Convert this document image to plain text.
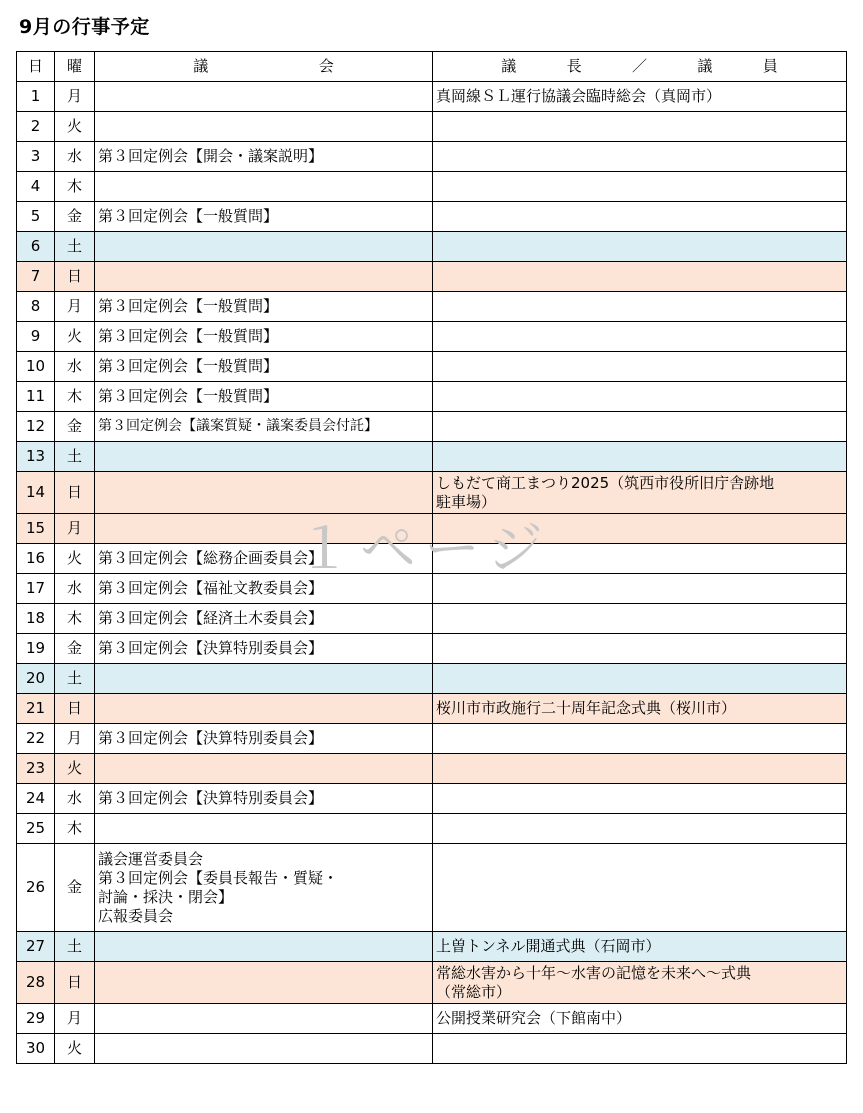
9月の行事予定
日	曜	議 会	議 長 ／ 議 員

1	月		真岡線ＳＬ運行協議会臨時総会（真岡市）

2	火		
3	水	第３回定例会【開会・議案説明】	

4	木		
5	金	第３回定例会【一般質問】	

6	土		
7	日		
8	月	第３回定例会【一般質問】	

9	火	第３回定例会【一般質問】	

10	水	第３回定例会【一般質問】	

11	木	第３回定例会【一般質問】	

12	金	第３回定例会【議案質疑・議案委員会付託】	

13	土		
14	日		しもだて商工まつり2025（筑西市役所旧庁舎跡地
駐車場）

15	月		
16	火	第３回定例会【総務企画委員会】	

17	水	第３回定例会【福祉文教委員会】	

18	木	第３回定例会【経済土木委員会】	

19	金	第３回定例会【決算特別委員会】	

20	土		
21	日		桜川市市政施行二十周年記念式典（桜川市）

22	月	第３回定例会【決算特別委員会】	

23	火		
24	水	第３回定例会【決算特別委員会】	

25	木		
26	金	議会運営委員会
第３回定例会【委員長報告・質疑・
討論・採決・閉会】
広報委員会	

27	土		上曽トンネル開通式典（石岡市）

28	日		常総水害から十年～水害の記憶を未来へ～式典
（常総市）

29	月		公開授業研究会（下館南中）

30	火		
１ページ
